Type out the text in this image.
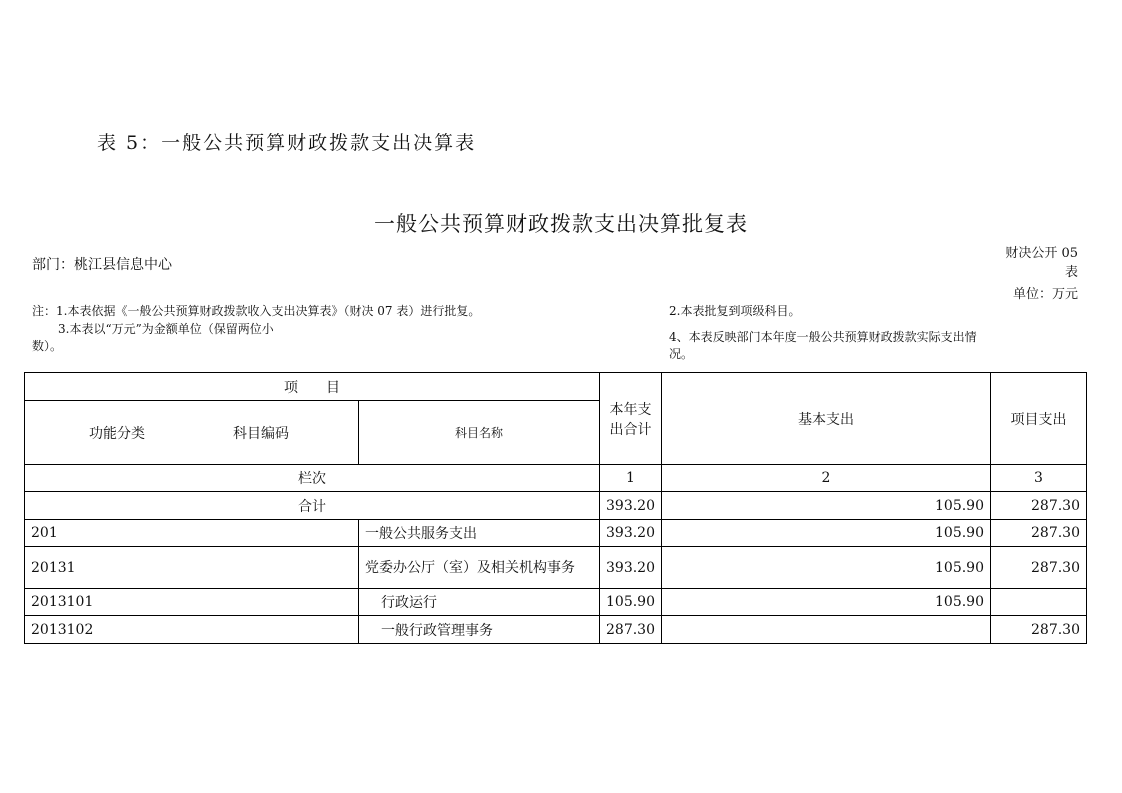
表 5：一般公共预算财政拨款支出决算表
一般公共预算财政拨款支出决算批复表
部门：桃江县信息中心
财决公开 05
表
单位：万元
注：1.本表依据《一般公共预算财政拨款收入支出决算表》（财决 07 表）进行批复。
3.本表以“万元”为金额单位（保留两位小
数）。
2.本表批复到项级科目。
4、本表反映部门本年度一般公共预算财政拨款实际支出情况。
项　　目		本年支出合计	基本支出	项目支出
功能分类 科目编码	科目名称			
栏次		1	2	3
合计		393.20	105.90	287.30
201	一般公共服务支出	393.20	105.90	287.30
20131	党委办公厅（室）及相关机构事务	393.20	105.90	287.30
2013101	行政运行	105.90	105.90	
2013102	一般行政管理事务	287.30		287.30
